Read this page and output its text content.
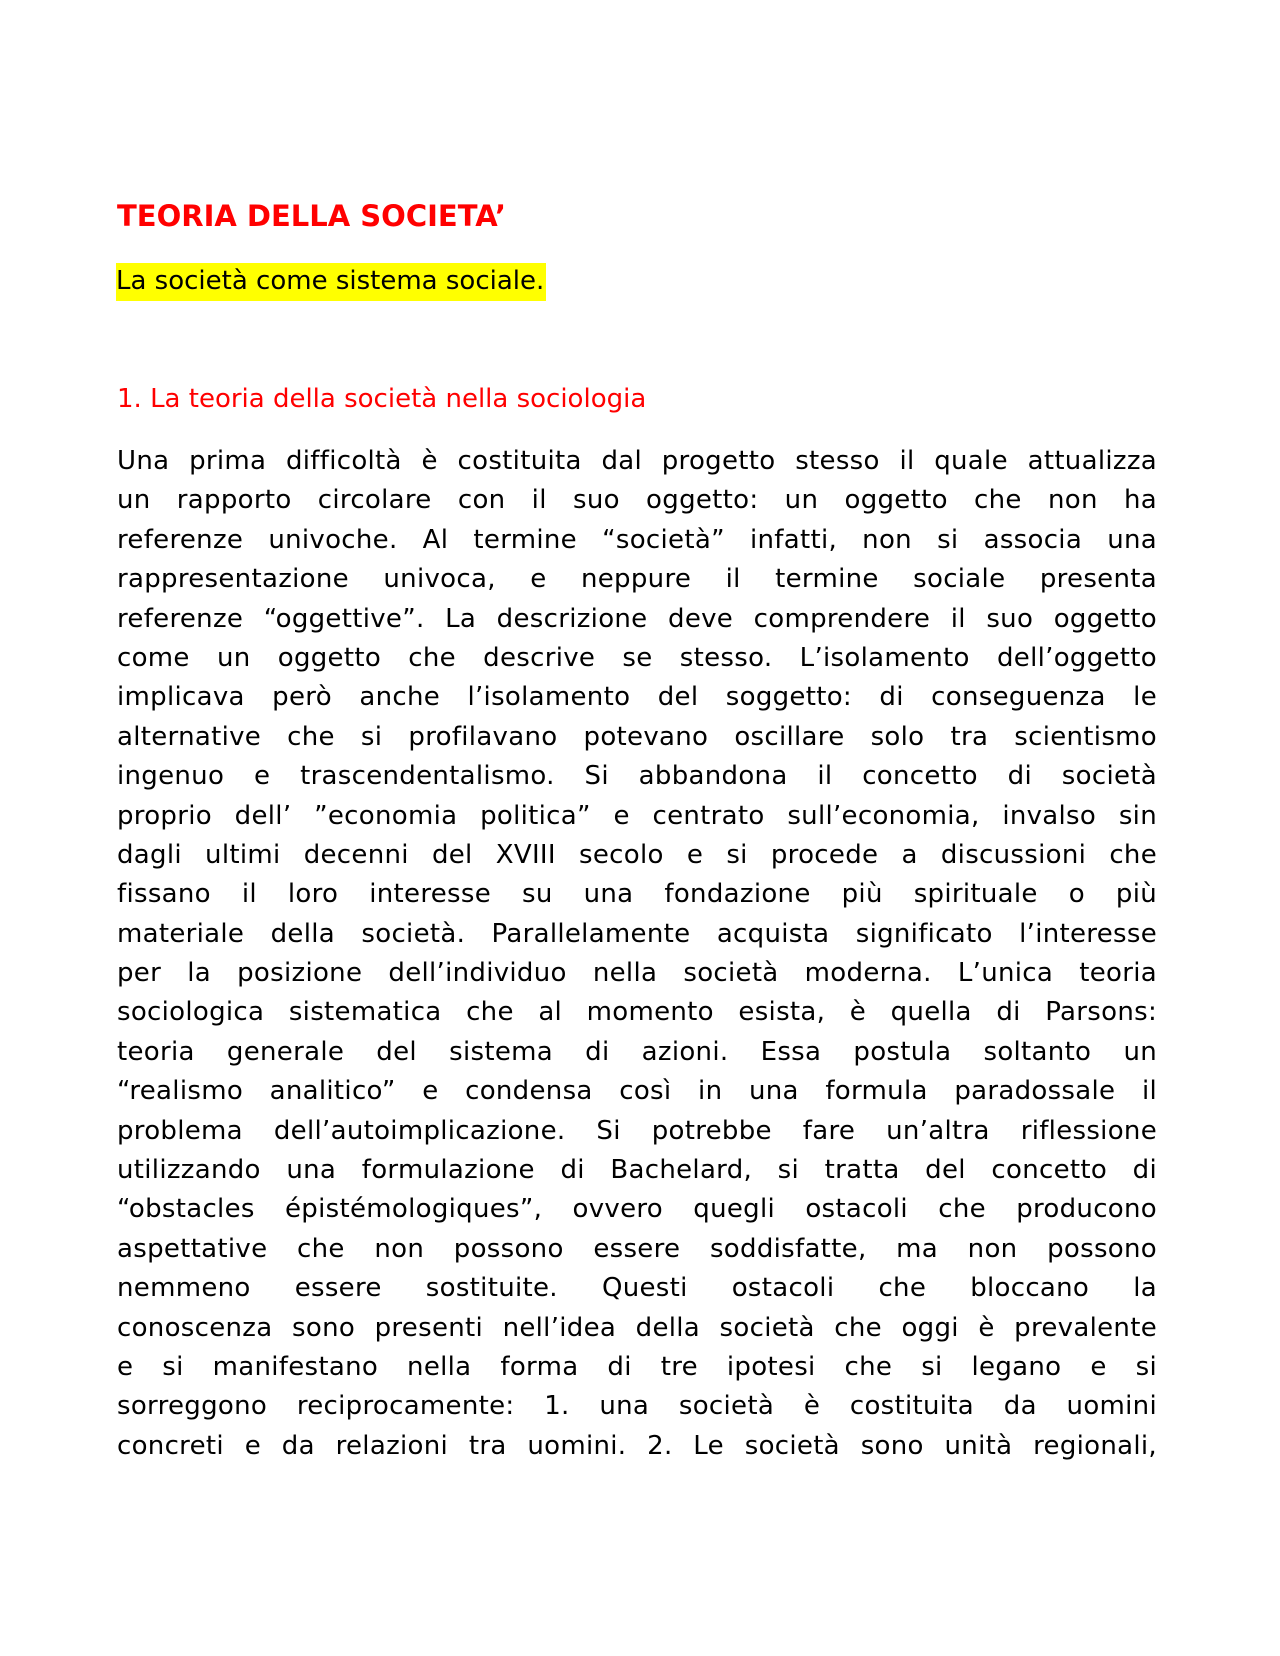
TEORIA DELLA SOCIETA’

La società come sistema sociale.

1. La teoria della società nella sociologia
Una prima difficoltà è costituita dal progetto stesso il quale attualizza
un rapporto circolare con il suo oggetto: un oggetto che non ha
referenze univoche. Al termine “società” infatti, non si associa una
rappresentazione univoca, e neppure il termine sociale presenta
referenze “oggettive”. La descrizione deve comprendere il suo oggetto
come un oggetto che descrive se stesso. L’isolamento dell’oggetto
implicava però anche l’isolamento del soggetto: di conseguenza le
alternative che si profilavano potevano oscillare solo tra scientismo
ingenuo e trascendentalismo. Si abbandona il concetto di società
proprio dell’ ”economia politica” e centrato sull’economia, invalso sin
dagli ultimi decenni del XVIII secolo e si procede a discussioni che
fissano il loro interesse su una fondazione più spirituale o più
materiale della società. Parallelamente acquista significato l’interesse
per la posizione dell’individuo nella società moderna. L’unica teoria
sociologica sistematica che al momento esista, è quella di Parsons:
teoria generale del sistema di azioni. Essa postula soltanto un
“realismo analitico” e condensa così in una formula paradossale il
problema dell’autoimplicazione. Si potrebbe fare un’altra riflessione
utilizzando una formulazione di Bachelard, si tratta del concetto di
“obstacles épistémologiques”, ovvero quegli ostacoli che producono
aspettative che non possono essere soddisfatte, ma non possono
nemmeno essere sostituite. Questi ostacoli che bloccano la
conoscenza sono presenti nell’idea della società che oggi è prevalente
e si manifestano nella forma di tre ipotesi che si legano e si
sorreggono reciprocamente: 1. una società è costituita da uomini
concreti e da relazioni tra uomini. 2. Le società sono unità regionali,
